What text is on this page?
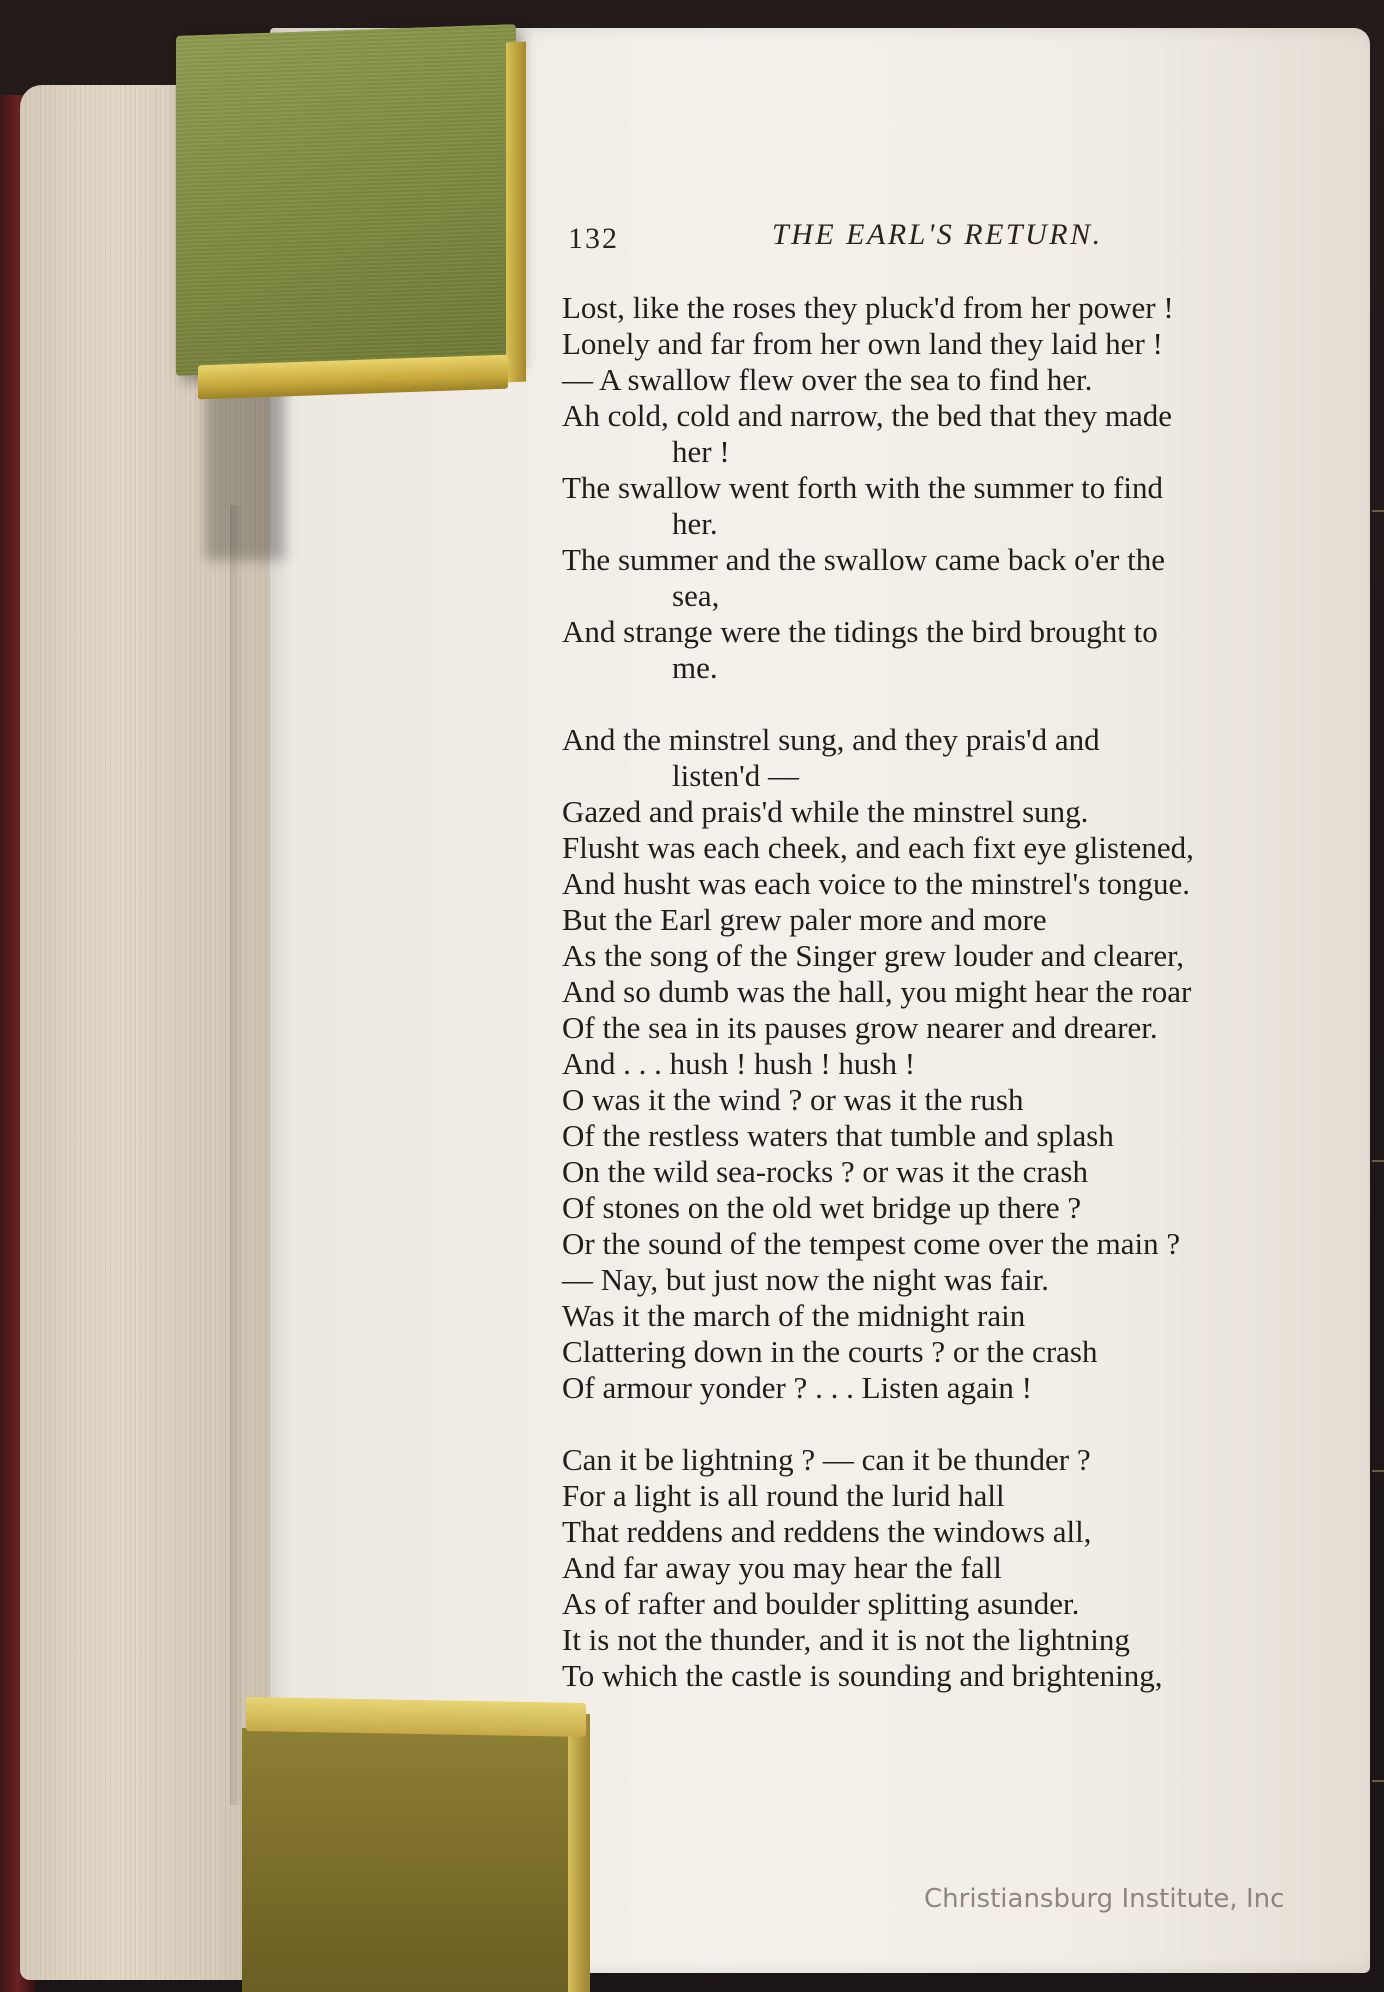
132	THE EARL'S RETURN.
Lost, like the roses they pluck'd from her power !
Lonely and far from her own land they laid her !
— A swallow flew over the sea to find her.
Ah cold, cold and narrow, the bed that they made
her !
The swallow went forth with the summer to find
her.
The summer and the swallow came back o'er the
sea,
And strange were the tidings the bird brought to
me.
And the minstrel sung, and they prais'd and
listen'd —
Gazed and prais'd while the minstrel sung.
Flusht was each cheek, and each fixt eye glistened,
And husht was each voice to the minstrel's tongue.
But the Earl grew paler more and more
As the song of the Singer grew louder and clearer,
And so dumb was the hall, you might hear the roar
Of the sea in its pauses grow nearer and drearer.
And . . . hush ! hush ! hush !
O was it the wind ? or was it the rush
Of the restless waters that tumble and splash
On the wild sea-rocks ? or was it the crash
Of stones on the old wet bridge up there ?
Or the sound of the tempest come over the main ?
— Nay, but just now the night was fair.
Was it the march of the midnight rain
Clattering down in the courts ? or the crash
Of armour yonder ? . . . Listen again !
Can it be lightning ? — can it be thunder ?
For a light is all round the lurid hall
That reddens and reddens the windows all,
And far away you may hear the fall
As of rafter and boulder splitting asunder.
It is not the thunder, and it is not the lightning
To which the castle is sounding and brightening,
Christiansburg Institute, Inc
